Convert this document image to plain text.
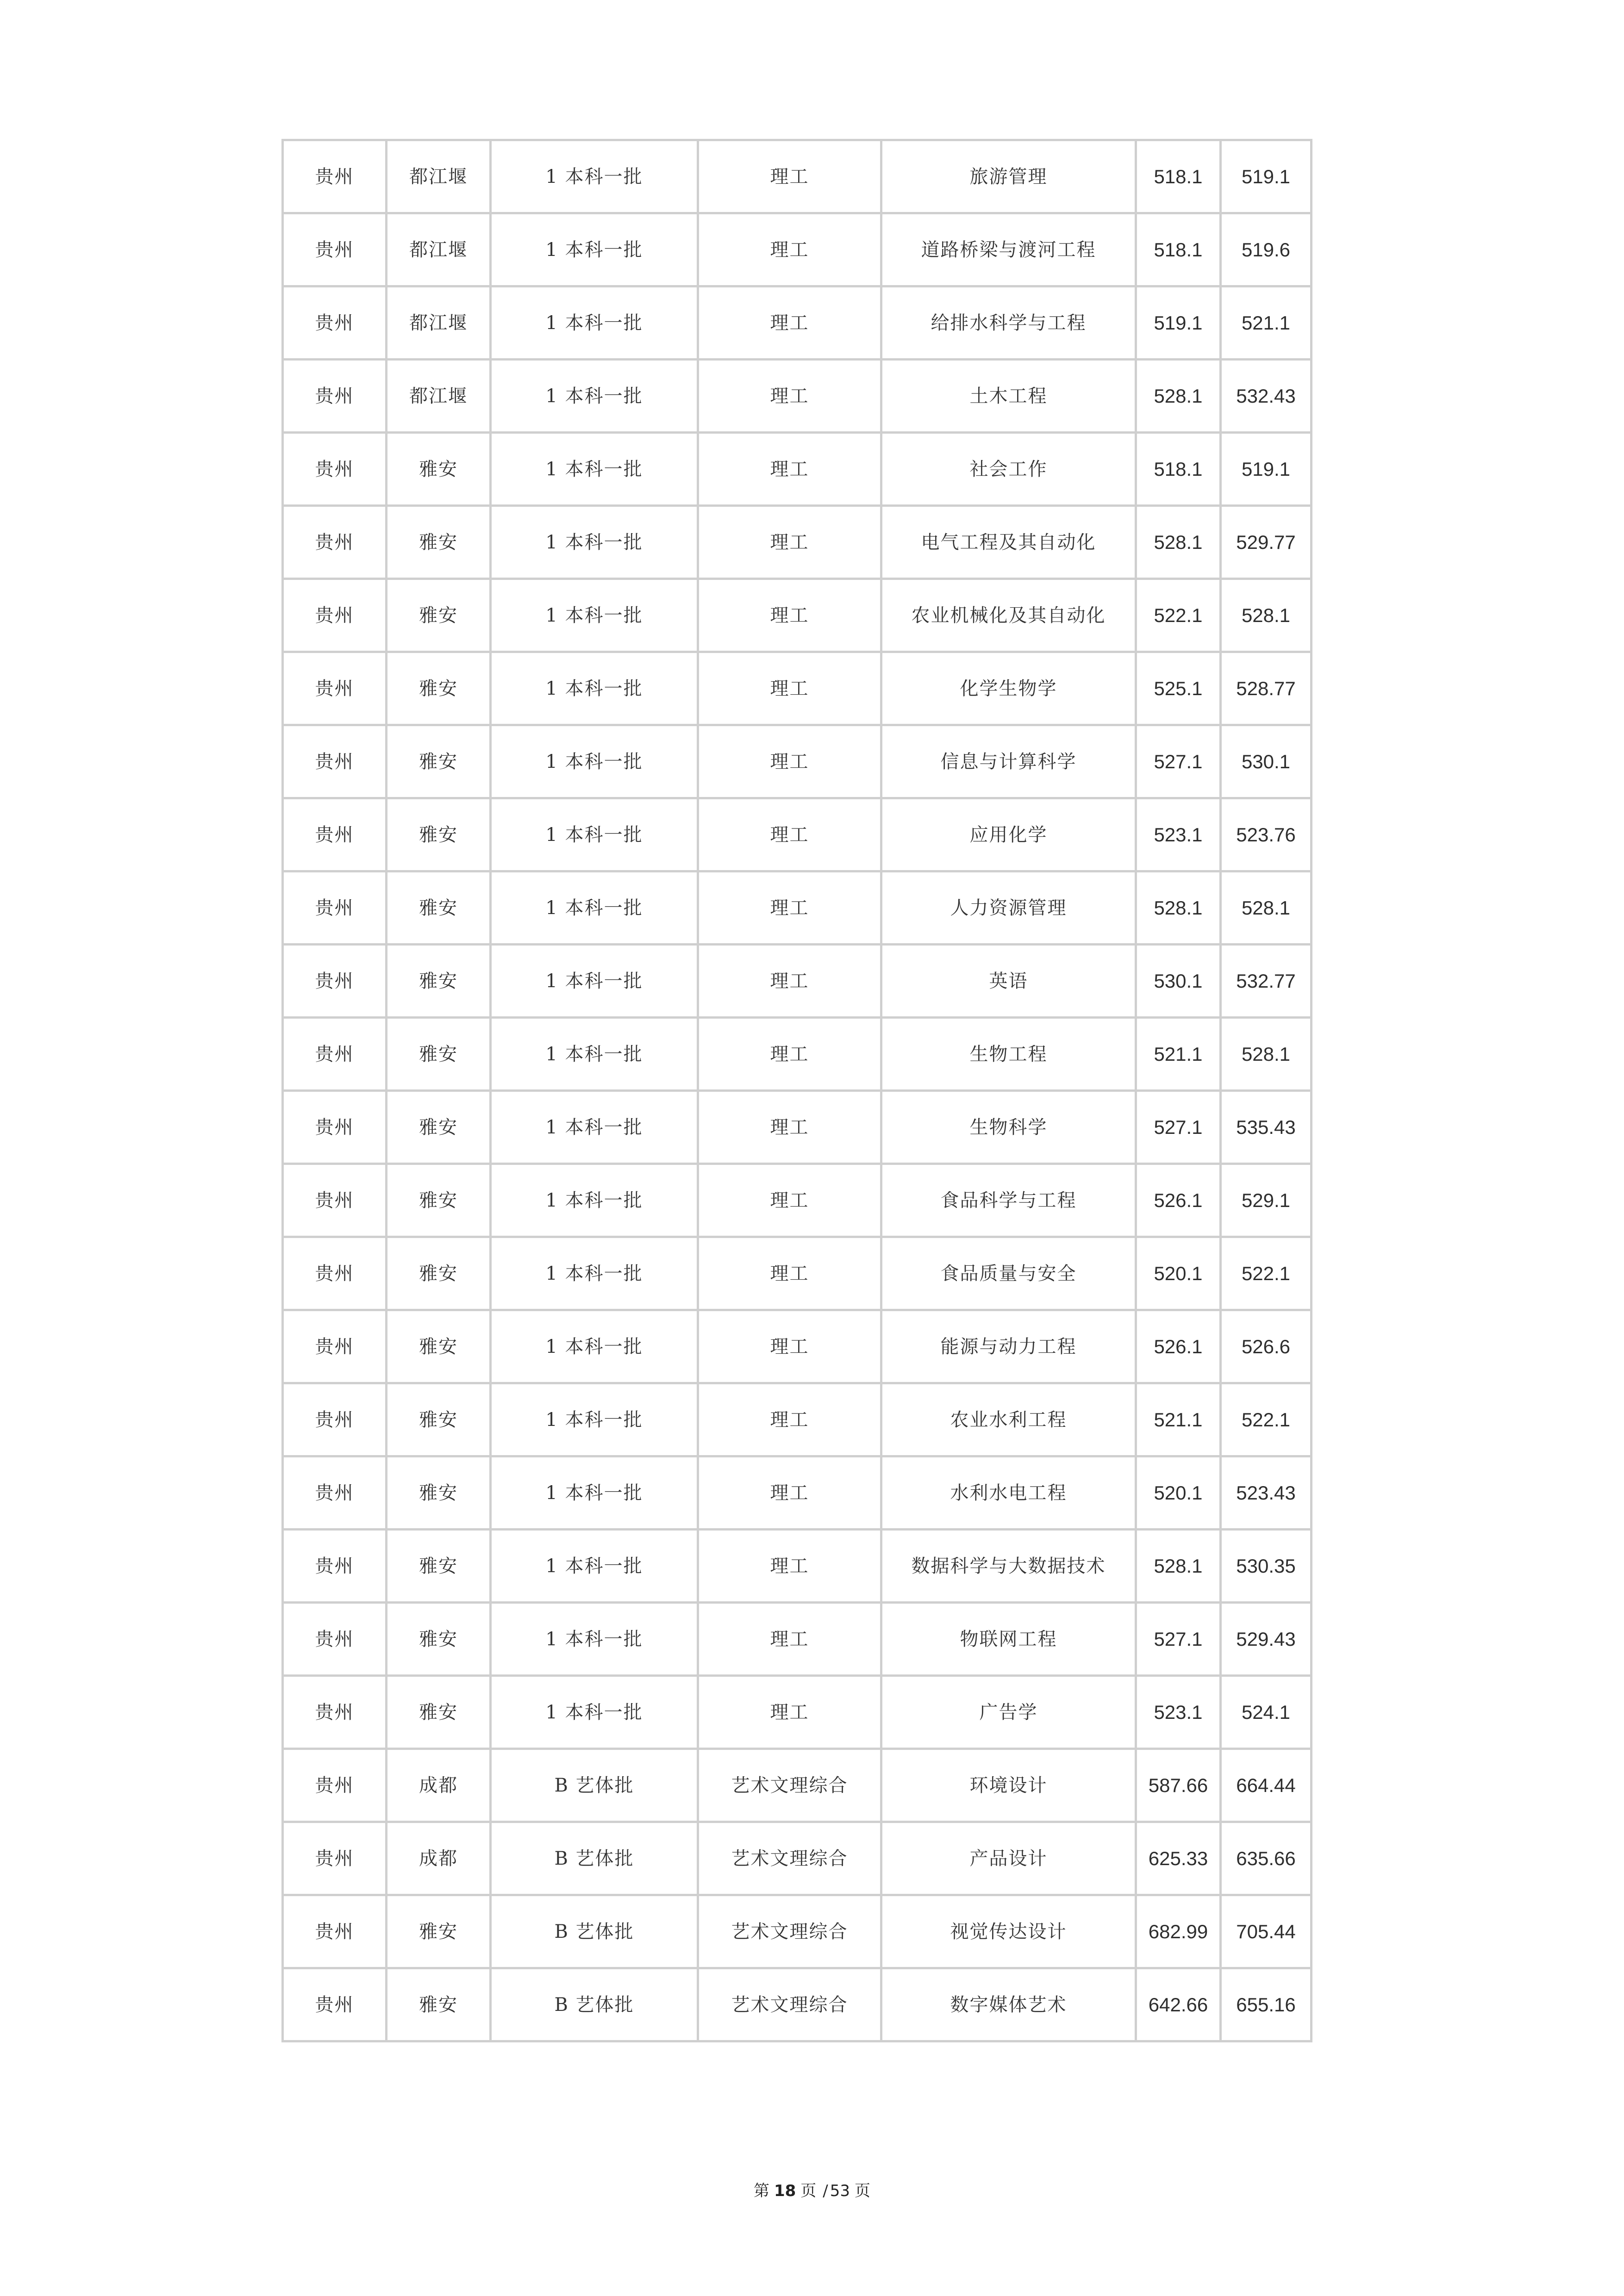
贵州	都江堰	1 本科一批	理工	旅游管理	518.1	519.1
贵州	都江堰	1 本科一批	理工	道路桥梁与渡河工程	518.1	519.6
贵州	都江堰	1 本科一批	理工	给排水科学与工程	519.1	521.1
贵州	都江堰	1 本科一批	理工	土木工程	528.1	532.43
贵州	雅安	1 本科一批	理工	社会工作	518.1	519.1
贵州	雅安	1 本科一批	理工	电气工程及其自动化	528.1	529.77
贵州	雅安	1 本科一批	理工	农业机械化及其自动化	522.1	528.1
贵州	雅安	1 本科一批	理工	化学生物学	525.1	528.77
贵州	雅安	1 本科一批	理工	信息与计算科学	527.1	530.1
贵州	雅安	1 本科一批	理工	应用化学	523.1	523.76
贵州	雅安	1 本科一批	理工	人力资源管理	528.1	528.1
贵州	雅安	1 本科一批	理工	英语	530.1	532.77
贵州	雅安	1 本科一批	理工	生物工程	521.1	528.1
贵州	雅安	1 本科一批	理工	生物科学	527.1	535.43
贵州	雅安	1 本科一批	理工	食品科学与工程	526.1	529.1
贵州	雅安	1 本科一批	理工	食品质量与安全	520.1	522.1
贵州	雅安	1 本科一批	理工	能源与动力工程	526.1	526.6
贵州	雅安	1 本科一批	理工	农业水利工程	521.1	522.1
贵州	雅安	1 本科一批	理工	水利水电工程	520.1	523.43
贵州	雅安	1 本科一批	理工	数据科学与大数据技术	528.1	530.35
贵州	雅安	1 本科一批	理工	物联网工程	527.1	529.43
贵州	雅安	1 本科一批	理工	广告学	523.1	524.1
贵州	成都	B 艺体批	艺术文理综合	环境设计	587.66	664.44
贵州	成都	B 艺体批	艺术文理综合	产品设计	625.33	635.66
贵州	雅安	B 艺体批	艺术文理综合	视觉传达设计	682.99	705.44
贵州	雅安	B 艺体批	艺术文理综合	数字媒体艺术	642.66	655.16
第 18 页 / 53 页
